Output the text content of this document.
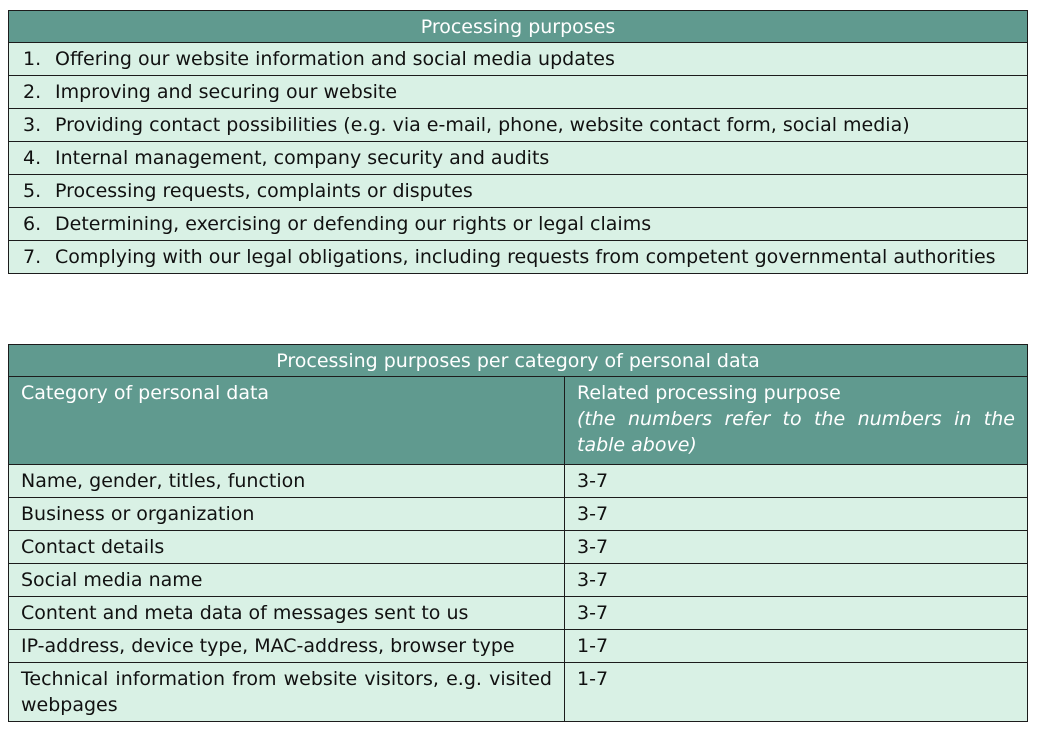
Processing purposes

1. Offering our website information and social media updates

2. Improving and securing our website

3. Providing contact possibilities (e.g. via e-mail, phone, website contact form, social media)

4. Internal management, company security and audits

5. Processing requests, complaints or disputes

6. Determining, exercising or defending our rights or legal claims

7. Complying with our legal obligations, including requests from competent governmental authorities
Processing purposes per category of personal data	
Category of personal data	Related processing purpose
(the numbers refer to the numbers in the table above)

Name, gender, titles, function	3-7
Business or organization	3-7
Contact details	3-7
Social media name	3-7
Content and meta data of messages sent to us	3-7
IP-address, device type, MAC-address, browser type	1-7
Technical information from website visitors, e.g. visited webpages	1-7
